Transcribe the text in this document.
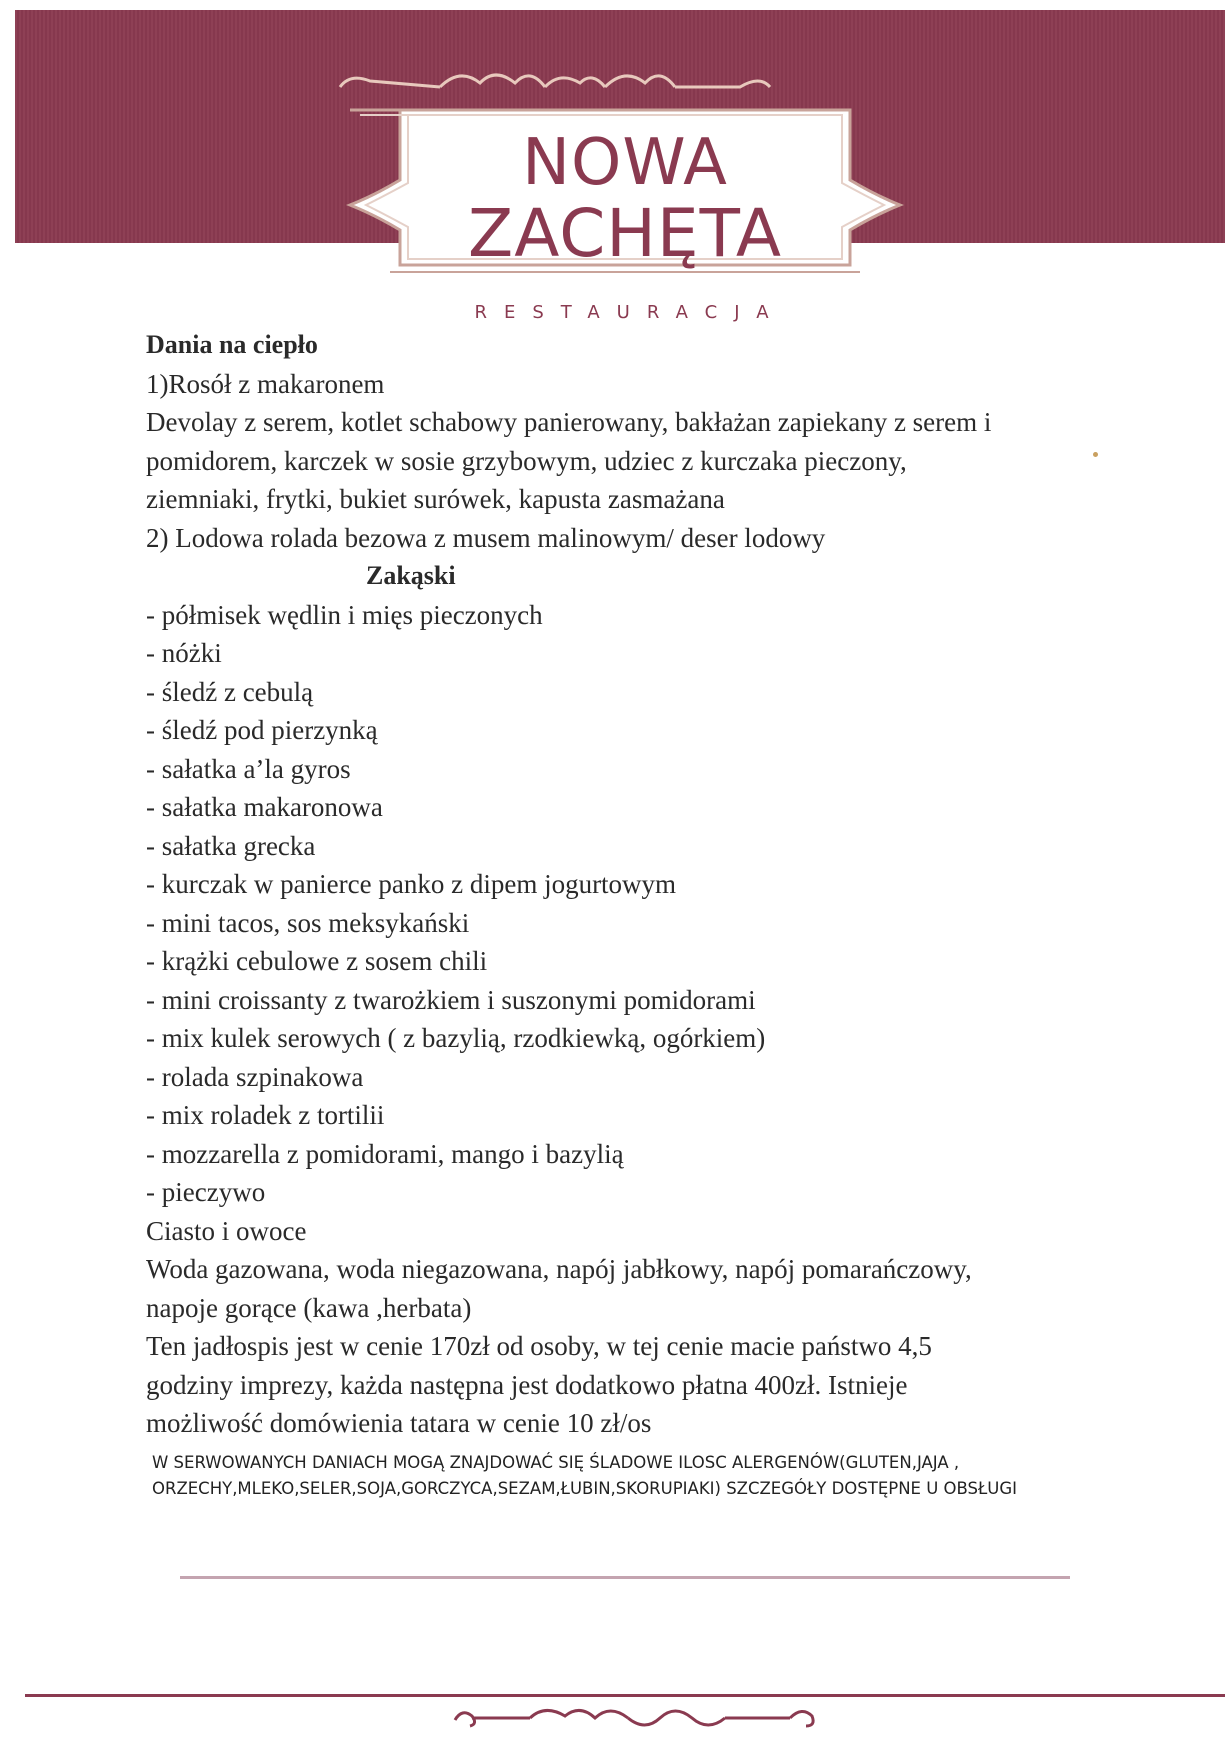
NOWA
ZACHĘTA
RESTAURACJA
Dania na ciepło
1)Rosół z makaronem
Devolay z serem, kotlet schabowy panierowany, bakłażan zapiekany z serem i
pomidorem, karczek w sosie grzybowym, udziec z kurczaka pieczony,
ziemniaki, frytki, bukiet surówek, kapusta zasmażana
2) Lodowa rolada bezowa z musem malinowym/ deser lodowy
Zakąski
- półmisek wędlin i mięs pieczonych
- nóżki
- śledź z cebulą
- śledź pod pierzynką
- sałatka a’la gyros
- sałatka makaronowa
- sałatka grecka
- kurczak w panierce panko z dipem jogurtowym
- mini tacos, sos meksykański
- krążki cebulowe z sosem chili
- mini croissanty z twarożkiem i suszonymi pomidorami
- mix kulek serowych ( z bazylią, rzodkiewką, ogórkiem)
- rolada szpinakowa
- mix roladek z tortilii
- mozzarella z pomidorami, mango i bazylią
- pieczywo
Ciasto i owoce
Woda gazowana, woda niegazowana, napój jabłkowy, napój pomarańczowy,
napoje gorące (kawa ,herbata)
Ten jadłospis jest w cenie 170zł od osoby, w tej cenie macie państwo 4,5
godziny imprezy, każda następna jest dodatkowo płatna 400zł. Istnieje
możliwość domówienia tatara w cenie 10 zł/os
W SERWOWANYCH DANIACH MOGĄ ZNAJDOWAĆ SIĘ ŚLADOWE ILOSC ALERGENÓW(GLUTEN,JAJA ,
ORZECHY,MLEKO,SELER,SOJA,GORCZYCA,SEZAM,ŁUBIN,SKORUPIAKI) SZCZEGÓŁY DOSTĘPNE U OBSŁUGI
